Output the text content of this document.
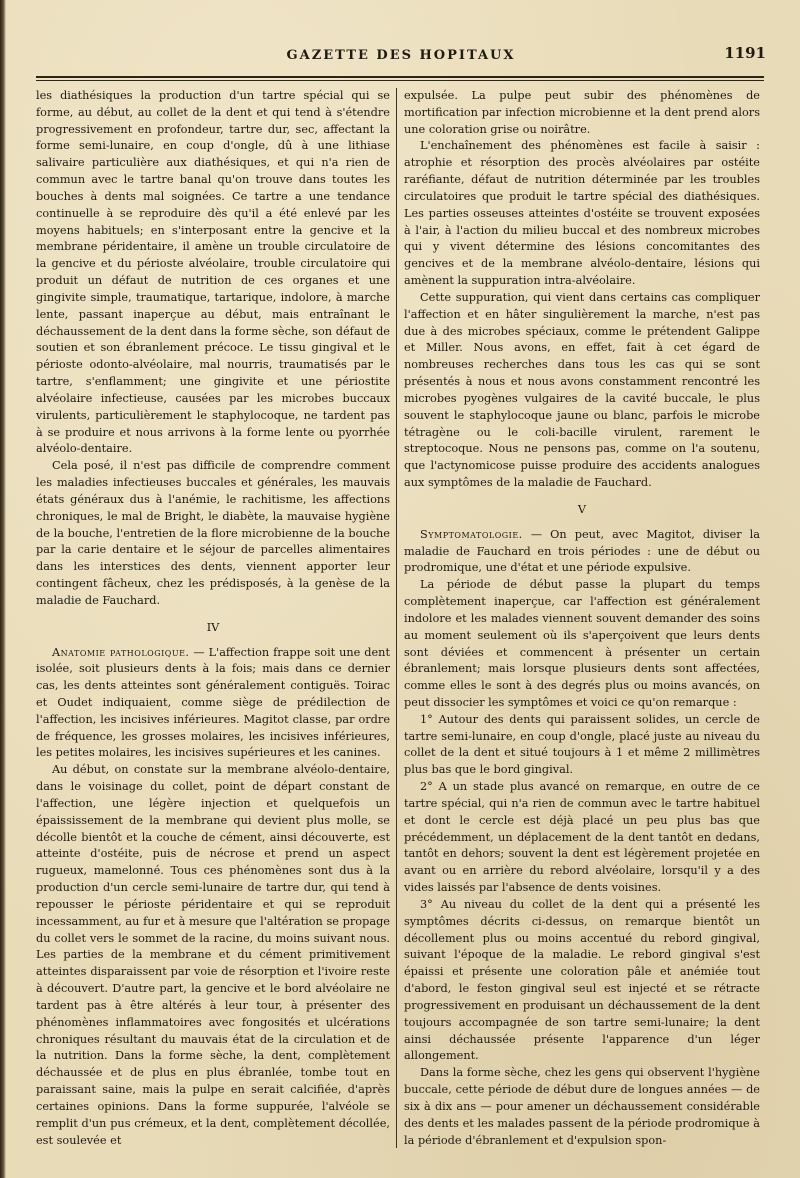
GAZETTE DES HOPITAUX	1191

les diathésiques la production d'un tartre spécial qui se forme, au début, au collet de la dent et qui tend à s'étendre progressivement en profondeur, tartre dur, sec, affectant la forme semi-lunaire, en coup d'ongle, dû à une lithiase salivaire particulière aux diathésiques, et qui n'a rien de commun avec le tartre banal qu'on trouve dans toutes les bouches à dents mal soignées. Ce tartre a une tendance continuelle à se reproduire dès qu'il a été enlevé par les moyens habituels; en s'interposant entre la gencive et la membrane péridentaire, il amène un trouble circulatoire de la gencive et du périoste alvéolaire, trouble circulatoire qui produit un défaut de nutrition de ces organes et une gingivite simple, traumatique, tartarique, indolore, à marche lente, passant inaperçue au début, mais entraînant le déchaussement de la dent dans la forme sèche, son défaut de soutien et son ébranlement précoce. Le tissu gingival et le périoste odonto-alvéolaire, mal nourris, traumatisés par le tartre, s'enflamment; une gingivite et une périostite alvéolaire infectieuse, causées par les microbes buccaux virulents, particulièrement le staphylocoque, ne tardent pas à se produire et nous arrivons à la forme lente ou pyorrhée alvéolo-dentaire.

Cela posé, il n'est pas difficile de comprendre comment les maladies infectieuses buccales et générales, les mauvais états généraux dus à l'anémie, le rachitisme, les affections chroniques, le mal de Bright, le diabète, la mauvaise hygiène de la bouche, l'entretien de la flore microbienne de la bouche par la carie dentaire et le séjour de parcelles alimentaires dans les interstices des dents, viennent apporter leur contingent fâcheux, chez les prédisposés, à la genèse de la maladie de Fauchard.

IV

Anatomie pathologique. — L'affection frappe soit une dent isolée, soit plusieurs dents à la fois; mais dans ce dernier cas, les dents atteintes sont généralement contiguës. Toirac et Oudet indiquaient, comme siège de prédilection de l'affection, les incisives inférieures. Magitot classe, par ordre de fréquence, les grosses molaires, les incisives inférieures, les petites molaires, les incisives supérieures et les canines.

Au début, on constate sur la membrane alvéolo-dentaire, dans le voisinage du collet, point de départ constant de l'affection, une légère injection et quelquefois un épaississement de la membrane qui devient plus molle, se décolle bientôt et la couche de cément, ainsi découverte, est atteinte d'ostéite, puis de nécrose et prend un aspect rugueux, mamelonné. Tous ces phénomènes sont dus à la production d'un cercle semi-lunaire de tartre dur, qui tend à repousser le périoste péridentaire et qui se reproduit incessamment, au fur et à mesure que l'altération se propage du collet vers le sommet de la racine, du moins suivant nous. Les parties de la membrane et du cément primitivement atteintes disparaissent par voie de résorption et l'ivoire reste à découvert. D'autre part, la gencive et le bord alvéolaire ne tardent pas à être altérés à leur tour, à présenter des phénomènes inflammatoires avec fongosités et ulcérations chroniques résultant du mauvais état de la circulation et de la nutrition. Dans la forme sèche, la dent, complètement déchaussée et de plus en plus ébranlée, tombe tout en paraissant saine, mais la pulpe en serait calcifiée, d'après certaines opinions. Dans la forme suppurée, l'alvéole se remplit d'un pus crémeux, et la dent, complètement décollée, est soulevée et

expulsée. La pulpe peut subir des phénomènes de mortification par infection microbienne et la dent prend alors une coloration grise ou noirâtre.

L'enchaînement des phénomènes est facile à saisir : atrophie et résorption des procès alvéolaires par ostéite raréfiante, défaut de nutrition déterminée par les troubles circulatoires que produit le tartre spécial des diathésiques. Les parties osseuses atteintes d'ostéite se trouvent exposées à l'air, à l'action du milieu buccal et des nombreux microbes qui y vivent détermine des lésions concomitantes des gencives et de la membrane alvéolo-dentaire, lésions qui amènent la suppuration intra-alvéolaire.

Cette suppuration, qui vient dans certains cas compliquer l'affection et en hâter singulièrement la marche, n'est pas due à des microbes spéciaux, comme le prétendent Galippe et Miller. Nous avons, en effet, fait à cet égard de nombreuses recherches dans tous les cas qui se sont présentés à nous et nous avons constamment rencontré les microbes pyogènes vulgaires de la cavité buccale, le plus souvent le staphylocoque jaune ou blanc, parfois le microbe tétragène ou le coli-bacille virulent, rarement le streptocoque. Nous ne pensons pas, comme on l'a soutenu, que l'actynomicose puisse produire des accidents analogues aux symptômes de la maladie de Fauchard.

V

Symptomatologie. — On peut, avec Magitot, diviser la maladie de Fauchard en trois périodes : une de début ou prodromique, une d'état et une période expulsive.

La période de début passe la plupart du temps complètement inaperçue, car l'affection est généralement indolore et les malades viennent souvent demander des soins au moment seulement où ils s'aperçoivent que leurs dents sont déviées et commencent à présenter un certain ébranlement; mais lorsque plusieurs dents sont affectées, comme elles le sont à des degrés plus ou moins avancés, on peut dissocier les symptômes et voici ce qu'on remarque :

1° Autour des dents qui paraissent solides, un cercle de tartre semi-lunaire, en coup d'ongle, placé juste au niveau du collet de la dent et situé toujours à 1 et même 2 millimètres plus bas que le bord gingival.

2° A un stade plus avancé on remarque, en outre de ce tartre spécial, qui n'a rien de commun avec le tartre habituel et dont le cercle est déjà placé un peu plus bas que précédemment, un déplacement de la dent tantôt en dedans, tantôt en dehors; souvent la dent est légèrement projetée en avant ou en arrière du rebord alvéolaire, lorsqu'il y a des vides laissés par l'absence de dents voisines.

3° Au niveau du collet de la dent qui a présenté les symptômes décrits ci-dessus, on remarque bientôt un décollement plus ou moins accentué du rebord gingival, suivant l'époque de la maladie. Le rebord gingival s'est épaissi et présente une coloration pâle et anémiée tout d'abord, le feston gingival seul est injecté et se rétracte progressivement en produisant un déchaussement de la dent toujours accompagnée de son tartre semi-lunaire; la dent ainsi déchaussée présente l'apparence d'un léger allongement.

Dans la forme sèche, chez les gens qui observent l'hygiène buccale, cette période de début dure de longues années — de six à dix ans — pour amener un déchaussement considérable des dents et les malades passent de la période prodromique à la période d'ébranlement et d'expulsion spon-
